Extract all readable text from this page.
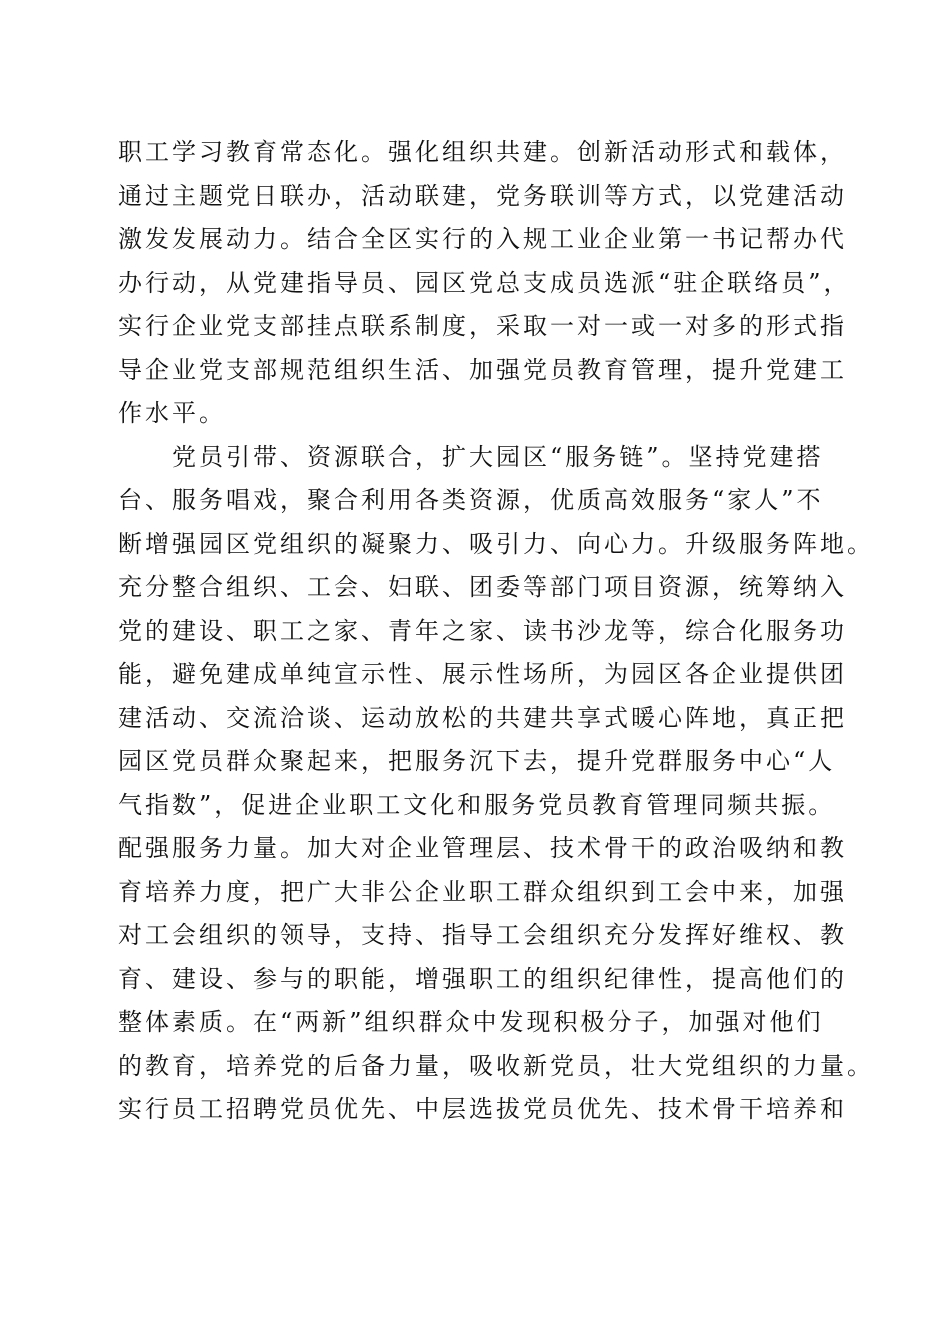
职工学习教育常态化。强化组织共建。创新活动形式和载体，
通过主题党日联办，活动联建，党务联训等方式，以党建活动
激发发展动力。结合全区实行的入规工业企业第一书记帮办代
办行动，从党建指导员、园区党总支成员选派“驻企联络员”，
实行企业党支部挂点联系制度，采取一对一或一对多的形式指
导企业党支部规范组织生活、加强党员教育管理，提升党建工
作水平。
　　党员引带、资源联合，扩大园区“服务链”。坚持党建搭
台、服务唱戏，聚合利用各类资源，优质高效服务“家人”不
断增强园区党组织的凝聚力、吸引力、向心力。升级服务阵地。
充分整合组织、工会、妇联、团委等部门项目资源，统筹纳入
党的建设、职工之家、青年之家、读书沙龙等，综合化服务功
能，避免建成单纯宣示性、展示性场所，为园区各企业提供团
建活动、交流洽谈、运动放松的共建共享式暖心阵地，真正把
园区党员群众聚起来，把服务沉下去，提升党群服务中心“人
气指数”，促进企业职工文化和服务党员教育管理同频共振。
配强服务力量。加大对企业管理层、技术骨干的政治吸纳和教
育培养力度，把广大非公企业职工群众组织到工会中来，加强
对工会组织的领导，支持、指导工会组织充分发挥好维权、教
育、建设、参与的职能，增强职工的组织纪律性，提高他们的
整体素质。在“两新”组织群众中发现积极分子，加强对他们
的教育，培养党的后备力量，吸收新党员，壮大党组织的力量。
实行员工招聘党员优先、中层选拔党员优先、技术骨干培养和
